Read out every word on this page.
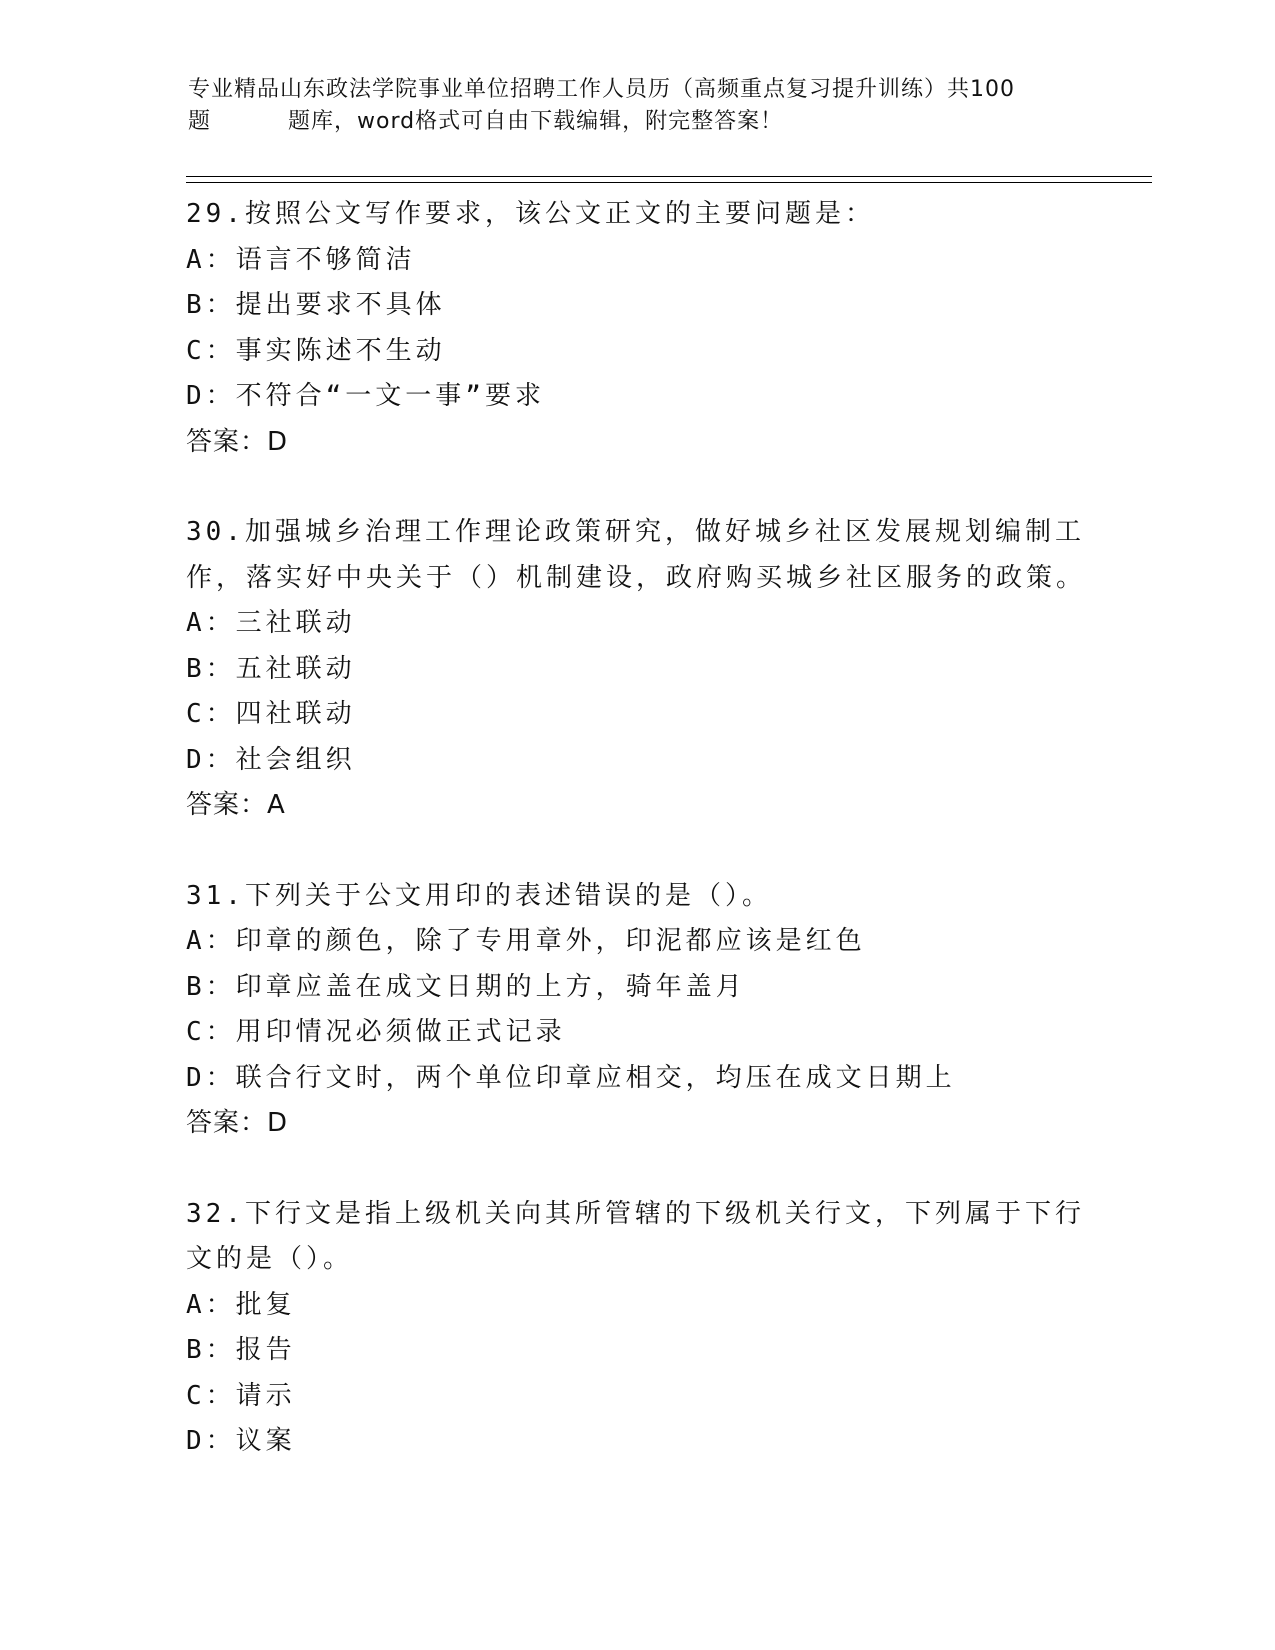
专业精品山东政法学院事业单位招聘工作人员历（高频重点复习提升训练）共100
题	题库，word格式可自由下载编辑，附完整答案！

29.按照公文写作要求，该公文正文的主要问题是：

A：语言不够简洁

B：提出要求不具体

C：事实陈述不生动

D：不符合“一文一事”要求

答案：D

30.加强城乡治理工作理论政策研究，做好城乡社区发展规划编制工作，落实好中央关于（）机制建设，政府购买城乡社区服务的政策。

A：三社联动

B：五社联动

C：四社联动

D：社会组织

答案：A

31.下列关于公文用印的表述错误的是（）。

A：印章的颜色，除了专用章外，印泥都应该是红色

B：印章应盖在成文日期的上方，骑年盖月

C：用印情况必须做正式记录

D：联合行文时，两个单位印章应相交，均压在成文日期上

答案：D

32.下行文是指上级机关向其所管辖的下级机关行文，下列属于下行文的是（）。

A：批复

B：报告

C：请示

D：议案
